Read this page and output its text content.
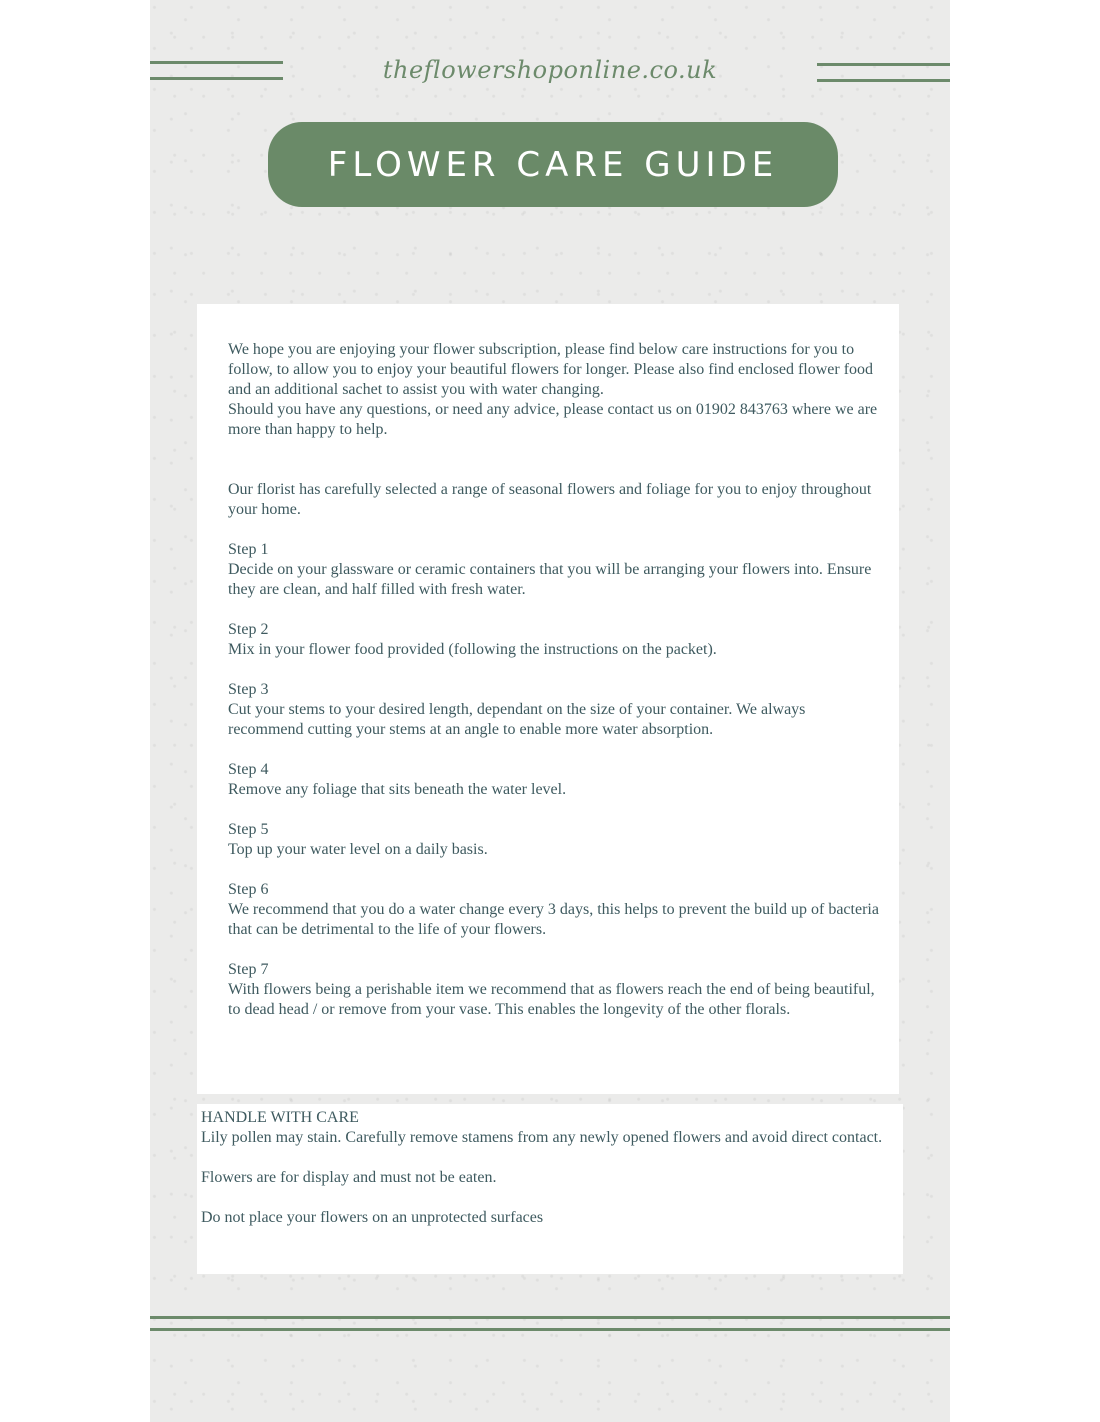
theflowershoponline.co.uk
FLOWER CARE GUIDE

We hope you are enjoying your flower subscription, please find below care instructions for you to follow, to allow you to enjoy your beautiful flowers for longer. Please also find enclosed flower food and an additional sachet to assist you with water changing.

Should you have any questions, or need any advice, please contact us on 01902 843763 where we are more than happy to help.

Our florist has carefully selected a range of seasonal flowers and foliage for you to enjoy throughout your home.

Step 1

Decide on your glassware or ceramic containers that you will be arranging your flowers into. Ensure they are clean, and half filled with fresh water.

Step 2

Mix in your flower food provided (following the instructions on the packet).

Step 3

Cut your stems to your desired length, dependant on the size of your container. We always recommend cutting your stems at an angle to enable more water absorption.

Step 4

Remove any foliage that sits beneath the water level.

Step 5

Top up your water level on a daily basis.

Step 6

We recommend that you do a water change every 3 days, this helps to prevent the build up of bacteria that can be detrimental to the life of your flowers.

Step 7

With flowers being a perishable item we recommend that as flowers reach the end of being beautiful, to dead head / or remove from your vase. This enables the longevity of the other florals.

HANDLE WITH CARE

Lily pollen may stain. Carefully remove stamens from any newly opened flowers and avoid direct contact.

Flowers are for display and must not be eaten.

Do not place your flowers on an unprotected surfaces
